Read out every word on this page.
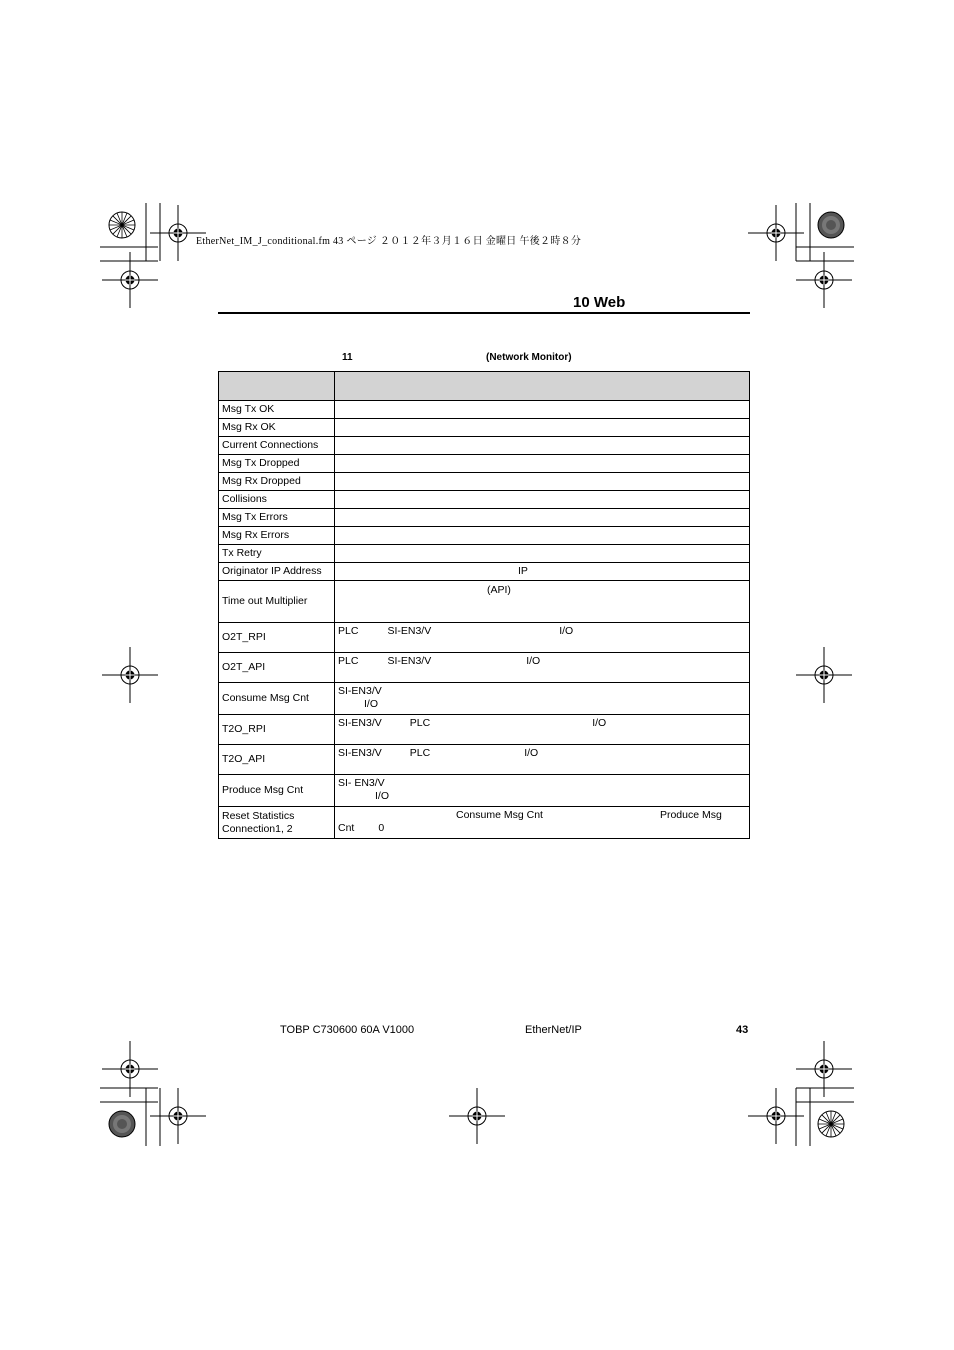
EtherNet_IM_J_conditional.fm 43 ページ ２０１２年３月１６日 金曜日 午後２時８分
10 Web
11	(Network Monitor)

Msg Tx OK	
Msg Rx OK	
Current Connections	
Msg Tx Dropped	
Msg Rx Dropped	
Collisions	
Msg Tx Errors	
Msg Rx Errors	
Tx Retry	
Originator IP Address	IP
Time out Multiplier	(API)
O2T_RPI	PLC SI-EN3/V I/O
O2T_API	PLC SI-EN3/V I/O
Consume Msg Cnt	SI-EN3/V
I/O
T2O_RPI	SI-EN3/V PLC I/O
T2O_API	SI-EN3/V PLC I/O
Produce Msg Cnt	SI- EN3/V
I/O
Reset Statistics Connection1, 2	Consume Msg Cnt Produce Msg
Cnt 0
TOBP C730600 60A V1000	EtherNet/IP	43
